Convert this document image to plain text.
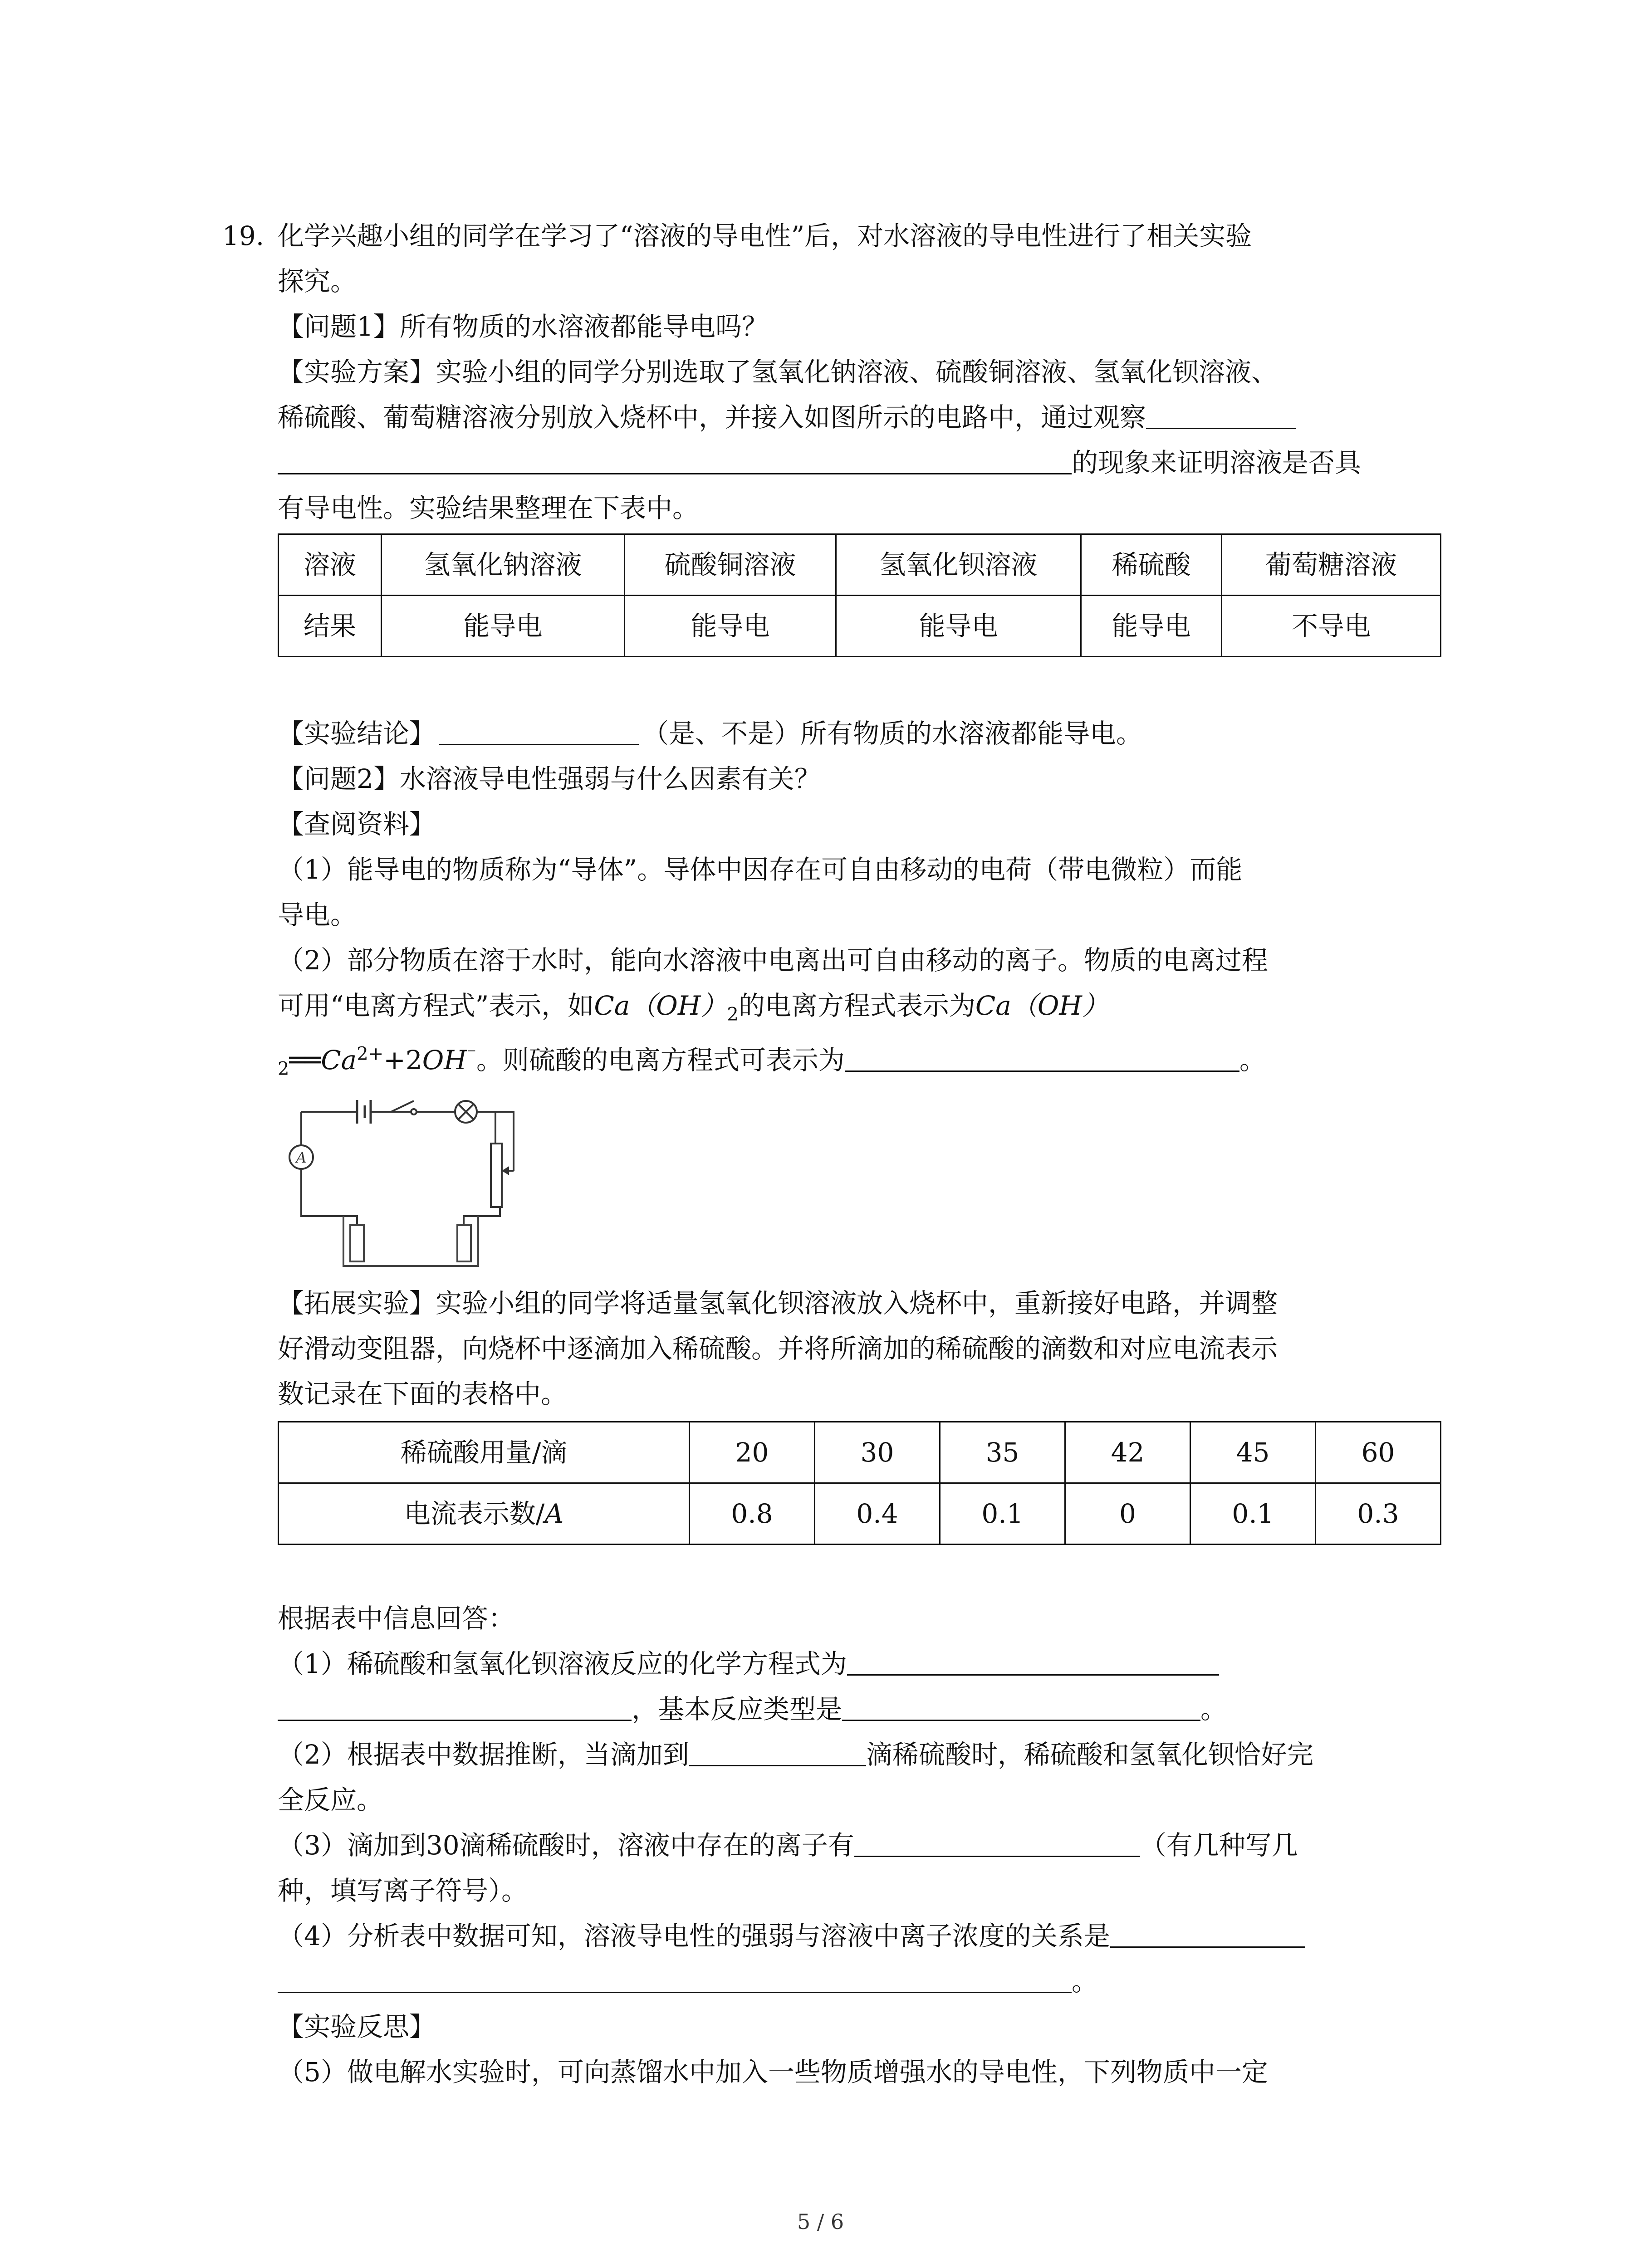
19. 化学兴趣小组的同学在学习了“溶液的导电性”后，对水溶液的导电性进行了相关实验
探究。
【问题1】所有物质的水溶液都能导电吗？
【实验方案】实验小组的同学分别选取了氢氧化钠溶液、硫酸铜溶液、氢氧化钡溶液、
稀硫酸、葡萄糖溶液分别放入烧杯中，并接入如图所示的电路中，通过观察
的现象来证明溶液是否具
有导电性。实验结果整理在下表中。
溶液	氢氧化钠溶液	硫酸铜溶液	氢氧化钡溶液	稀硫酸	葡萄糖溶液
结果	能导电	能导电	能导电	能导电	不导电
【实验结论】	（是、不是）所有物质的水溶液都能导电。
【问题2】水溶液导电性强弱与什么因素有关？
【查阅资料】
（1）能导电的物质称为“导体”。导体中因存在可自由移动的电荷（带电微粒）而能
导电。
（2）部分物质在溶于水时，能向水溶液中电离出可自由移动的离子。物质的电离过程
可用“电离方程式”表示，如$Ca(OH)_2$的电离方程式表示为Ca（OH）
$_2══Ca^{2+}+2OH^{^-}$。则硫酸的电离方程式可表示为	。
A
【拓展实验】实验小组的同学将适量氢氧化钡溶液放入烧杯中，重新接好电路，并调整
好滑动变阻器，向烧杯中逐滴加入稀硫酸。并将所滴加的稀硫酸的滴数和对应电流表示
数记录在下面的表格中。
稀硫酸用量/滴	20	30	35	42	45	60
电流表示数/A	0.8	0.4	0.1	0	0.1	0.3
根据表中信息回答：
（1）稀硫酸和氢氧化钡溶液反应的化学方程式为
，基本反应类型是	。
（2）根据表中数据推断，当滴加到	滴稀硫酸时，稀硫酸和氢氧化钡恰好完
全反应。
（3）滴加到30滴稀硫酸时，溶液中存在的离子有	（有几种写几
种，填写离子符号）。
（4）分析表中数据可知，溶液导电性的强弱与溶液中离子浓度的关系是
。
【实验反思】
（5）做电解水实验时，可向蒸馏水中加入一些物质增强水的导电性，下列物质中一定
5 / 6
